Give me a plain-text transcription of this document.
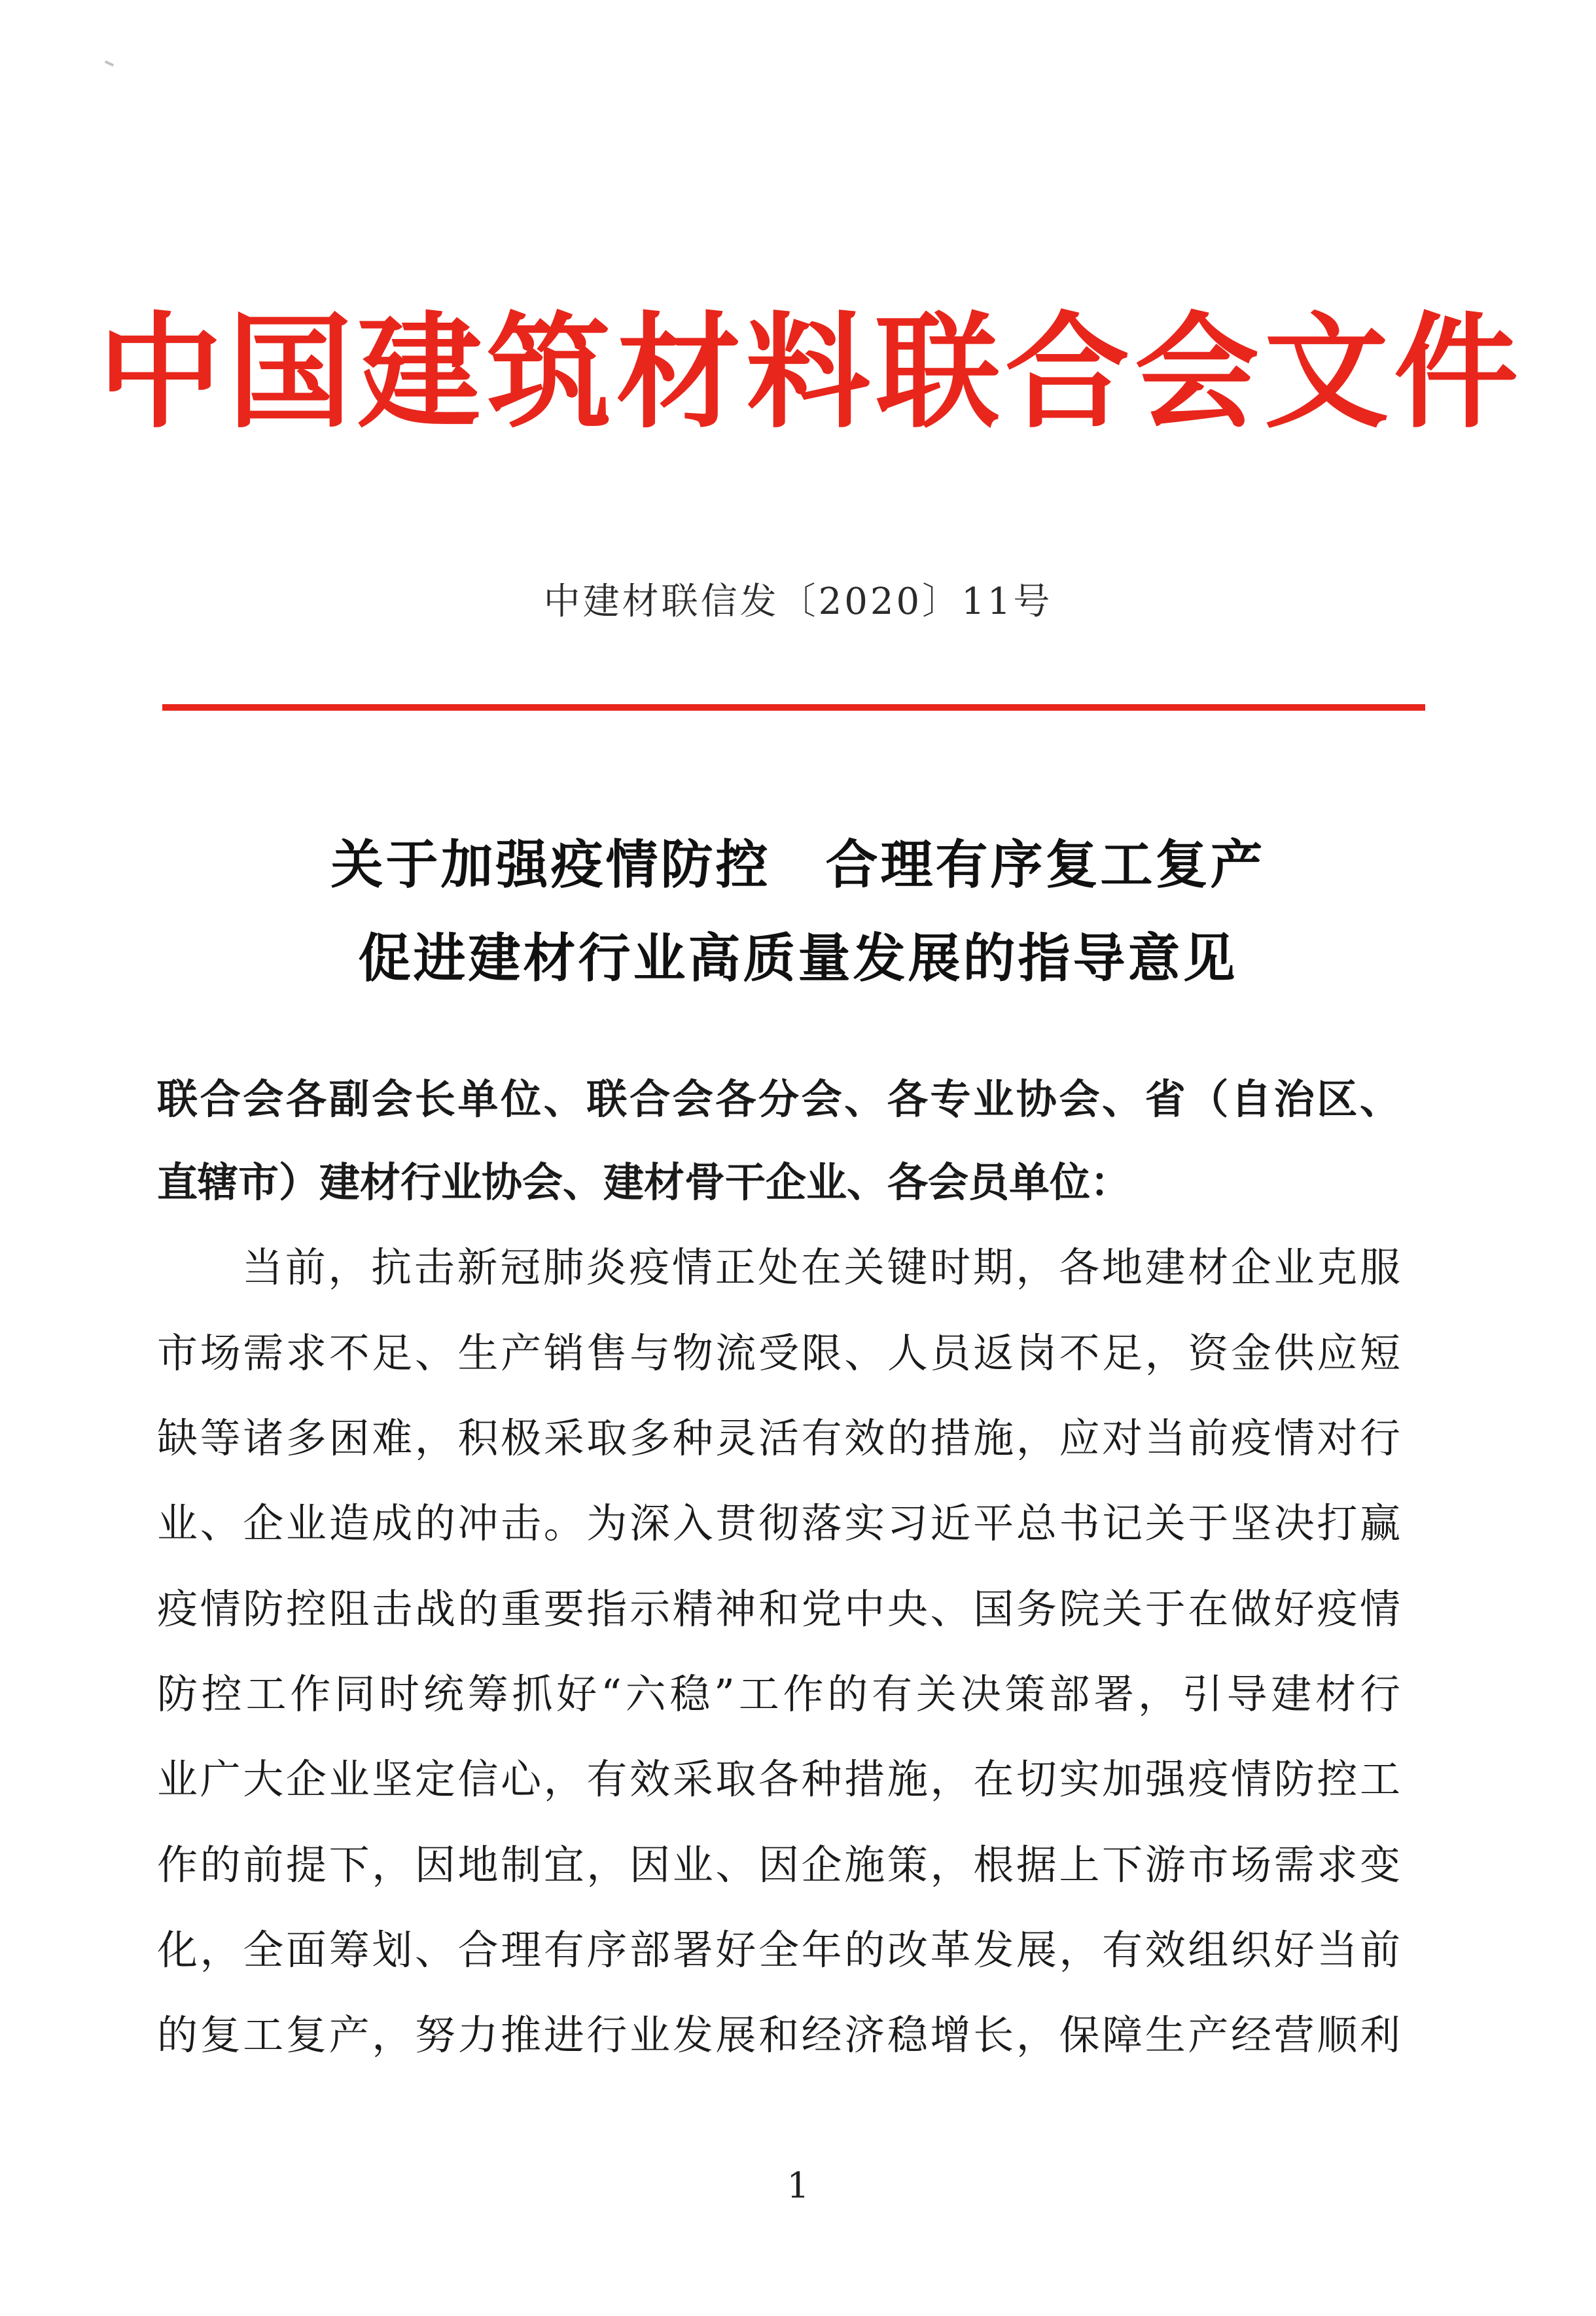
中国建筑材料联合会文件
中建材联信发〔2020〕11号
关于加强疫情防控　合理有序复工复产
促进建材行业高质量发展的指导意见
联合会各副会长单位、联合会各分会、各专业协会、省（自治区、
直辖市）建材行业协会、建材骨干企业、各会员单位：
当前，抗击新冠肺炎疫情正处在关键时期，各地建材企业克服
市场需求不足、生产销售与物流受限、人员返岗不足，资金供应短
缺等诸多困难，积极采取多种灵活有效的措施，应对当前疫情对行
业、企业造成的冲击。为深入贯彻落实习近平总书记关于坚决打赢
疫情防控阻击战的重要指示精神和党中央、国务院关于在做好疫情
防控工作同时统筹抓好“六稳”工作的有关决策部署，引导建材行
业广大企业坚定信心，有效采取各种措施，在切实加强疫情防控工
作的前提下，因地制宜，因业、因企施策，根据上下游市场需求变
化，全面筹划、合理有序部署好全年的改革发展，有效组织好当前
的复工复产，努力推进行业发展和经济稳增长，保障生产经营顺利
1
